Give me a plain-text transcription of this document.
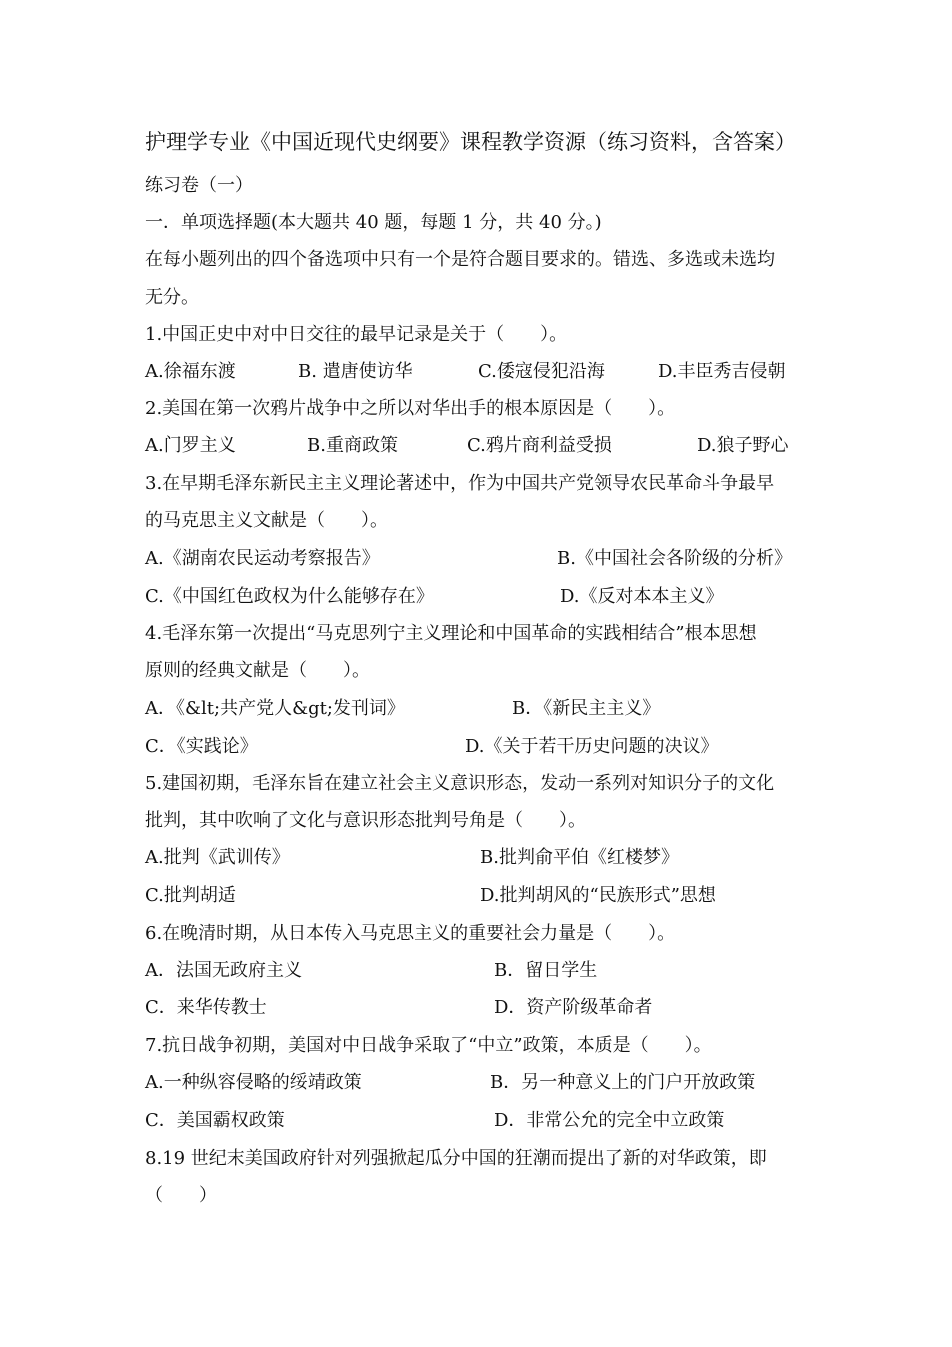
护理学专业《中国近现代史纲要》课程教学资源（练习资料，含答案）
练习卷（一）
一．单项选择题(本大题共 40 题，每题 1 分，共 40 分。)
在每小题列出的四个备选项中只有一个是符合题目要求的。错选、多选或未选均
无分。
1.中国正史中对中日交往的最早记录是关于（　　）。
A.徐福东渡	B. 遣唐使访华	C.倭寇侵犯沿海	D.丰臣秀吉侵朝
2.美国在第一次鸦片战争中之所以对华出手的根本原因是（　　）。
A.门罗主义	B.重商政策	C.鸦片商利益受损	D.狼子野心
3.在早期毛泽东新民主主义理论著述中，作为中国共产党领导农民革命斗争最早
的马克思主义文献是（　　）。
A.《湖南农民运动考察报告》	B.《中国社会各阶级的分析》
C.《中国红色政权为什么能够存在》	D.《反对本本主义》
4.毛泽东第一次提出“马克思列宁主义理论和中国革命的实践相结合”根本思想
原则的经典文献是（　　）。
A．《&lt;共产党人&gt;发刊词》	B．《新民主主义》
C．《实践论》	D.《关于若干历史问题的决议》
5.建国初期，毛泽东旨在建立社会主义意识形态，发动一系列对知识分子的文化
批判，其中吹响了文化与意识形态批判号角是（　　）。
A.批判《武训传》	B.批判俞平伯《红楼梦》
C.批判胡适	D.批判胡风的“民族形式”思想
6.在晚清时期，从日本传入马克思主义的重要社会力量是（　　）。
A．法国无政府主义	B．留日学生
C．来华传教士	D．资产阶级革命者
7.抗日战争初期，美国对中日战争采取了“中立”政策，本质是（　　）。
A.一种纵容侵略的绥靖政策	B．另一种意义上的门户开放政策
C．美国霸权政策	D．非常公允的完全中立政策
8.19 世纪末美国政府针对列强掀起瓜分中国的狂潮而提出了新的对华政策，即
（　　）
